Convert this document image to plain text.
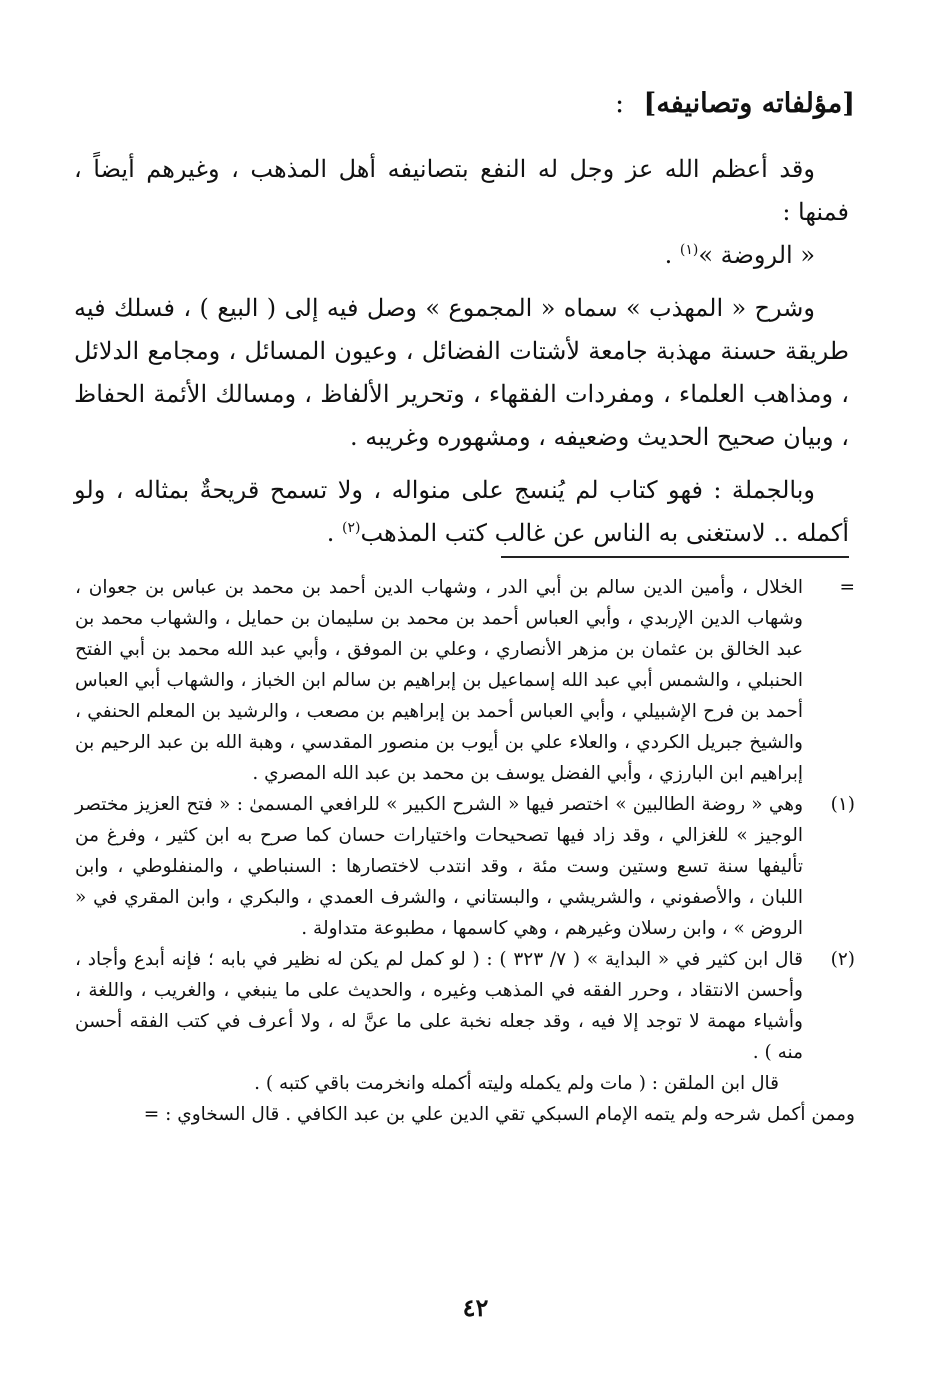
[مؤلفاته وتصانيفه] :

وقد أعظم الله عز وجل له النفع بتصانيفه أهل المذهب ، وغيرهم أيضاً ، فمنها :

« الروضة »$^{(١)}$ .

وشرح « المهذب » سماه « المجموع » وصل فيه إلى ( البيع ) ، فسلك فيه طريقة حسنة مهذبة جامعة لأشتات الفضائل ، وعيون المسائل ، ومجامع الدلائل ، ومذاهب العلماء ، ومفردات الفقهاء ، وتحرير الألفاظ ، ومسالك الأئمة الحفاظ ، وبيان صحيح الحديث وضعيفه ، ومشهوره وغريبه .

وبالجملة : فهو كتاب لم يُنسج على منواله ، ولا تسمح قريحةٌ بمثاله ، ولو أكمله .. لاستغنى به الناس عن غالب كتب المذهب$^{(٢)}$ .

=

الخلال ، وأمين الدين سالم بن أبي الدر ، وشهاب الدين أحمد بن محمد بن عباس بن جعوان ، وشهاب الدين الإربدي ، وأبي العباس أحمد بن محمد بن سليمان بن حمايل ، والشهاب محمد بن عبد الخالق بن عثمان بن مزهر الأنصاري ، وعلي بن الموفق ، وأبي عبد الله محمد بن أبي الفتح الحنبلي ، والشمس أبي عبد الله إسماعيل بن إبراهيم بن سالم ابن الخباز ، والشهاب أبي العباس أحمد بن فرح الإشبيلي ، وأبي العباس أحمد بن إبراهيم بن مصعب ، والرشيد بن المعلم الحنفي ، والشيخ جبريل الكردي ، والعلاء علي بن أيوب بن منصور المقدسي ، وهبة الله بن عبد الرحيم بن إبراهيم ابن البارزي ، وأبي الفضل يوسف بن محمد بن عبد الله المصري .

(١)

وهي « روضة الطالبين » اختصر فيها « الشرح الكبير » للرافعي المسمىٰ : « فتح العزيز مختصر الوجيز » للغزالي ، وقد زاد فيها تصحيحات واختيارات حسان كما صرح به ابن كثير ، وفرغ من تأليفها سنة تسع وستين وست مئة ، وقد انتدب لاختصارها : السنباطي ، والمنفلوطي ، وابن اللبان ، والأصفوني ، والشريشي ، والبستاني ، والشرف العمدي ، والبكري ، وابن المقري في « الروض » ، وابن رسلان وغيرهم ، وهي كاسمها ، مطبوعة متداولة .

(٢)

قال ابن كثير في « البداية » ( ٧/ ٣٢٣ ) : ( لو كمل لم يكن له نظير في بابه ؛ فإنه أبدع وأجاد ، وأحسن الانتقاد ، وحرر الفقه في المذهب وغيره ، والحديث على ما ينبغي ، والغريب ، واللغة ، وأشياء مهمة لا توجد إلا فيه ، وقد جعله نخبة على ما عنَّ له ، ولا أعرف في كتب الفقه أحسن منه ) .

قال ابن الملقن : ( مات ولم يكمله وليته أكمله وانخرمت باقي كتبه ) .

وممن أكمل شرحه ولم يتمه الإمام السبكي تقي الدين علي بن عبد الكافي . قال السخاوي : =

٤٢
